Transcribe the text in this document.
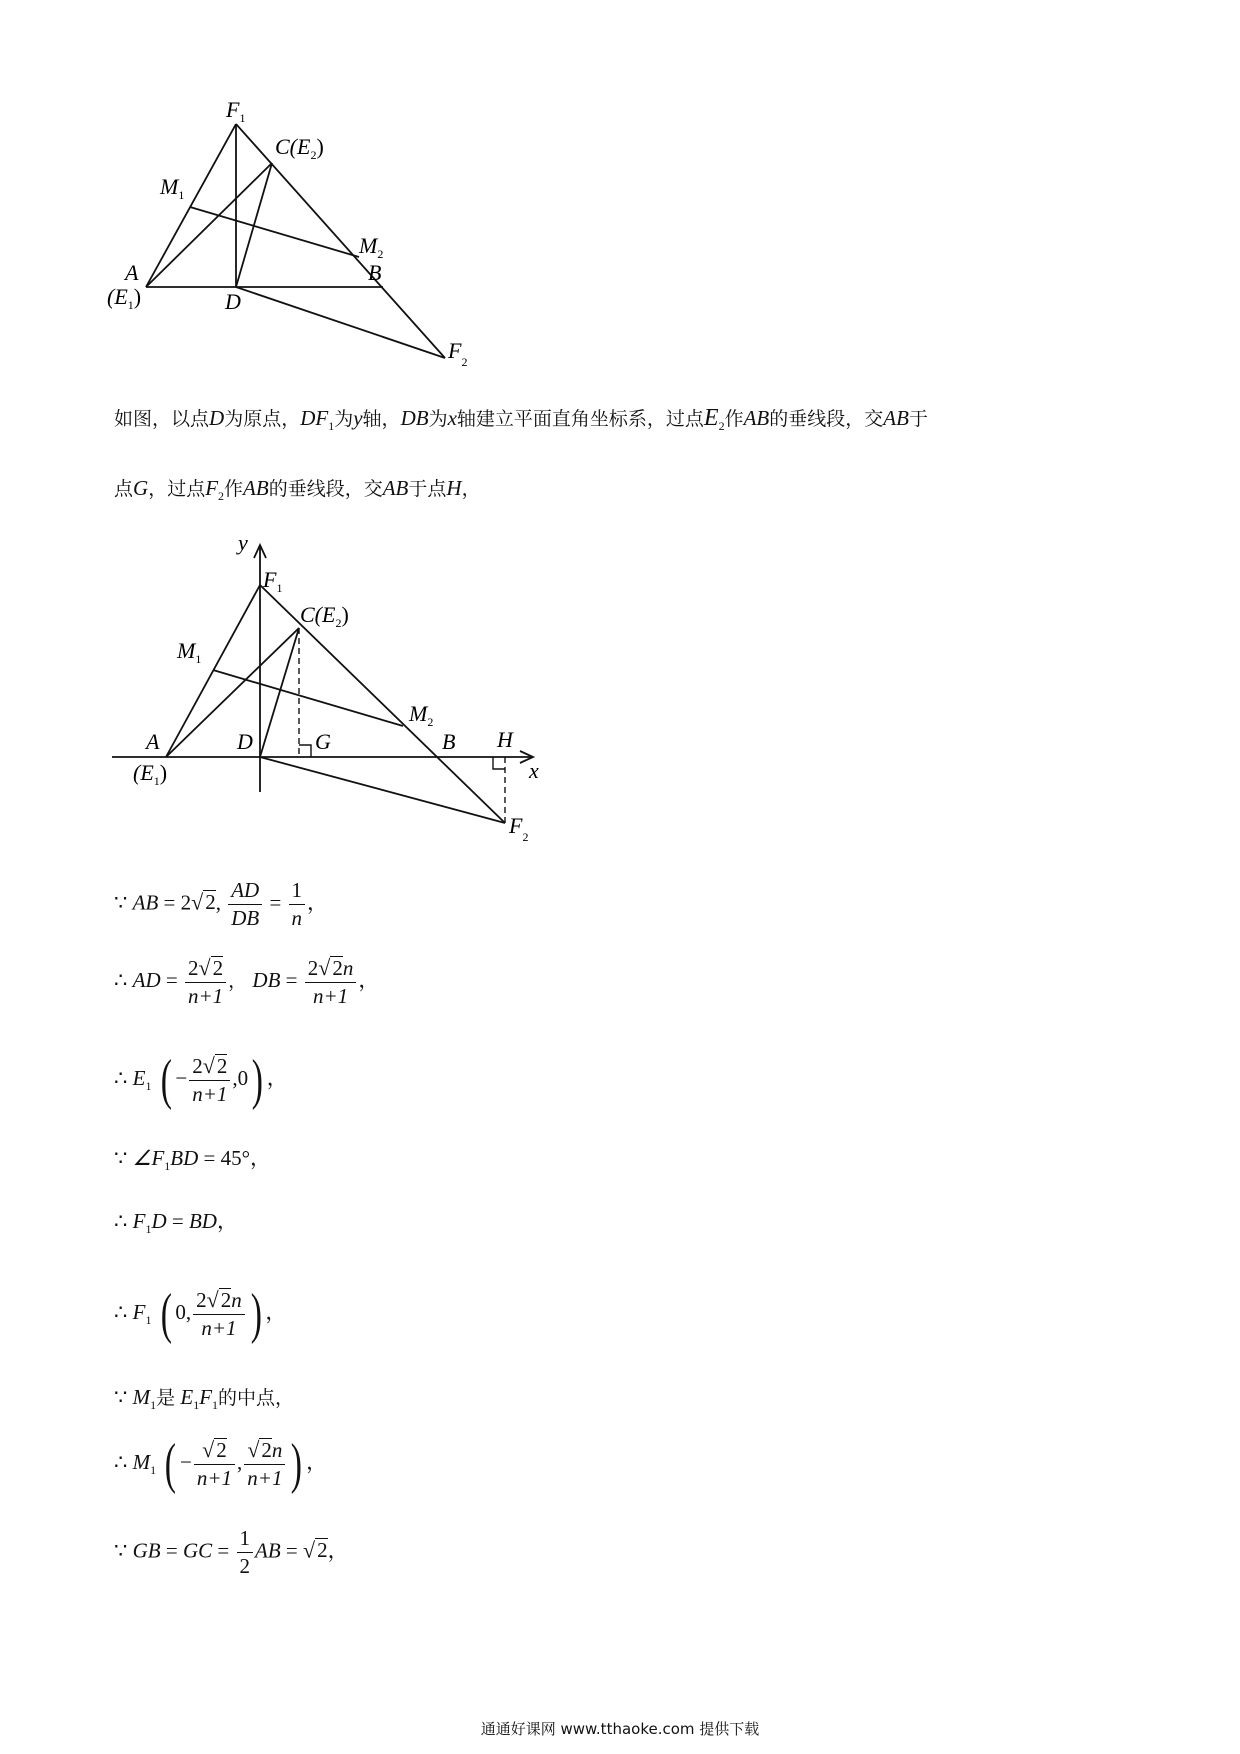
$F_1$
$C(E_2)$
$M_1$
$M_2$
A
$(E_1)$	D
B
$F_2$
如图，以点D为原点，$DF_1$为y轴，DB为x轴建立平面直角坐标系，过点$E_2$作AB的垂线段，交AB于
点G，过点$F_2$作AB的垂线段，交AB于点H，
y
x
$F_1$
$C(E_2)$
$M_1$
$M_2$
A
$(E_1)$
D	G	B H
$F_2$
∵ AB = 2√2, $\frac{AD}{DB} = \frac{1}{n}$ ，
∴ AD = $\frac{2√2}{n+1}$ ， DB = $\frac{2√2n}{n+1}$ ，
∴ $E_1$ ( − $\frac{2√2}{n+1} ,0$) ，
∵ $\angle F_1BD = 45^\circ$，
∴ $F_1D$ = BD，
∴ $F_1$ ( 0, $\frac{2√2n}{n+1}$ ) ，
∵ $M_1$是 $E_1F_1$的中点，
∴ $M_1$ ( − $\frac{√2}{n+1}$ , $\frac{√2n}{n+1}$ ) ，
∵ GB = GC = $\frac{1}{2}$ AB = √2，
通通好课网 www.tthaoke.com 提供下载
